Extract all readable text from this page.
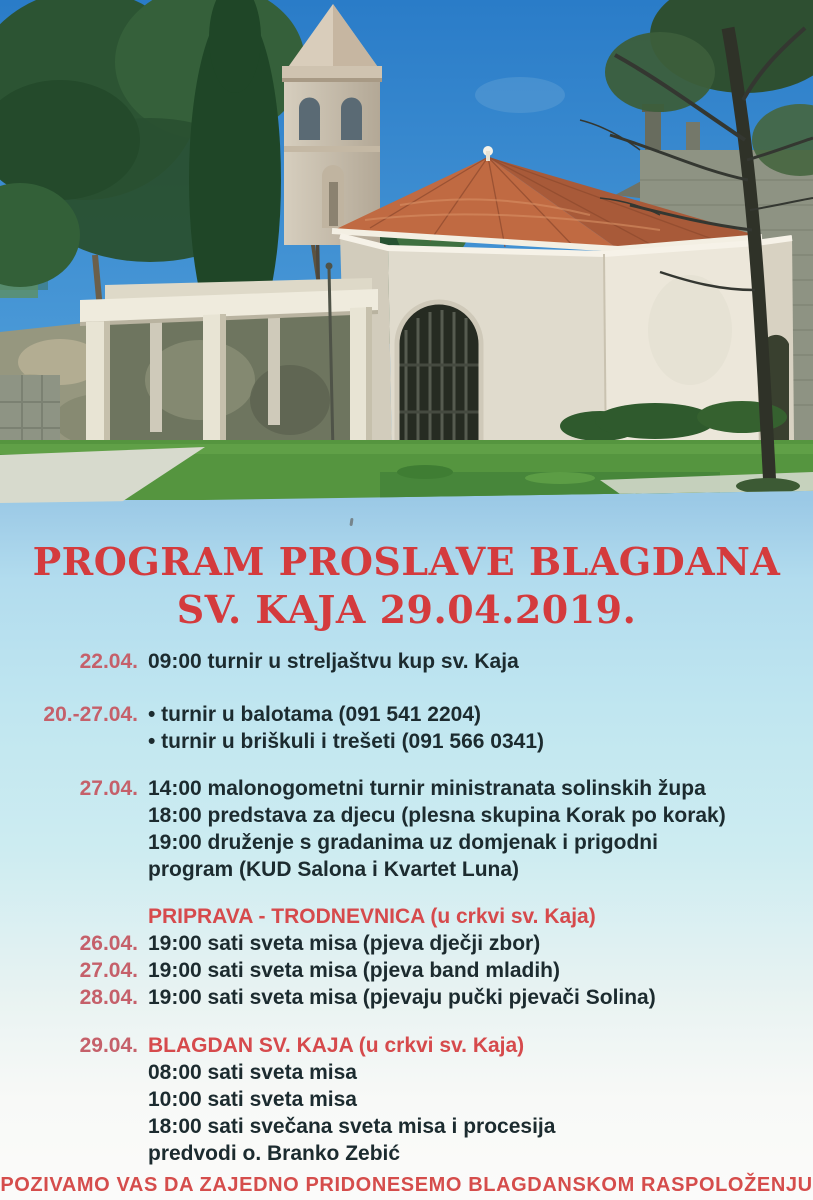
PROGRAM PROSLAVE BLAGDANA
SV. KAJA 29.04.2019.
22.04. 09:00 turnir u streljaštvu kup sv. Kaja
20.-27.04. • turnir u balotama (091 541 2204)
• turnir u briškuli i trešeti (091 566 0341)
27.04. 14:00 malonogometni turnir ministranata solinskih župa
18:00 predstava za djecu (plesna skupina Korak po korak)
19:00 druženje s gradanima uz domjenak i prigodni
program (KUD Salona i Kvartet Luna)
PRIPRAVA - TRODNEVNICA (u crkvi sv. Kaja)
26.04. 19:00 sati sveta misa (pjeva dječji zbor)
27.04. 19:00 sati sveta misa (pjeva band mladih)
28.04. 19:00 sati sveta misa (pjevaju pučki pjevači Solina)
29.04. BLAGDAN SV. KAJA (u crkvi sv. Kaja)
08:00 sati sveta misa
10:00 sati sveta misa
18:00 sati svečana sveta misa i procesija
predvodi o. Branko Zebić
POZIVAMO VAS DA ZAJEDNO PRIDONESEMO BLAGDANSKOM RASPOLOŽENJU
